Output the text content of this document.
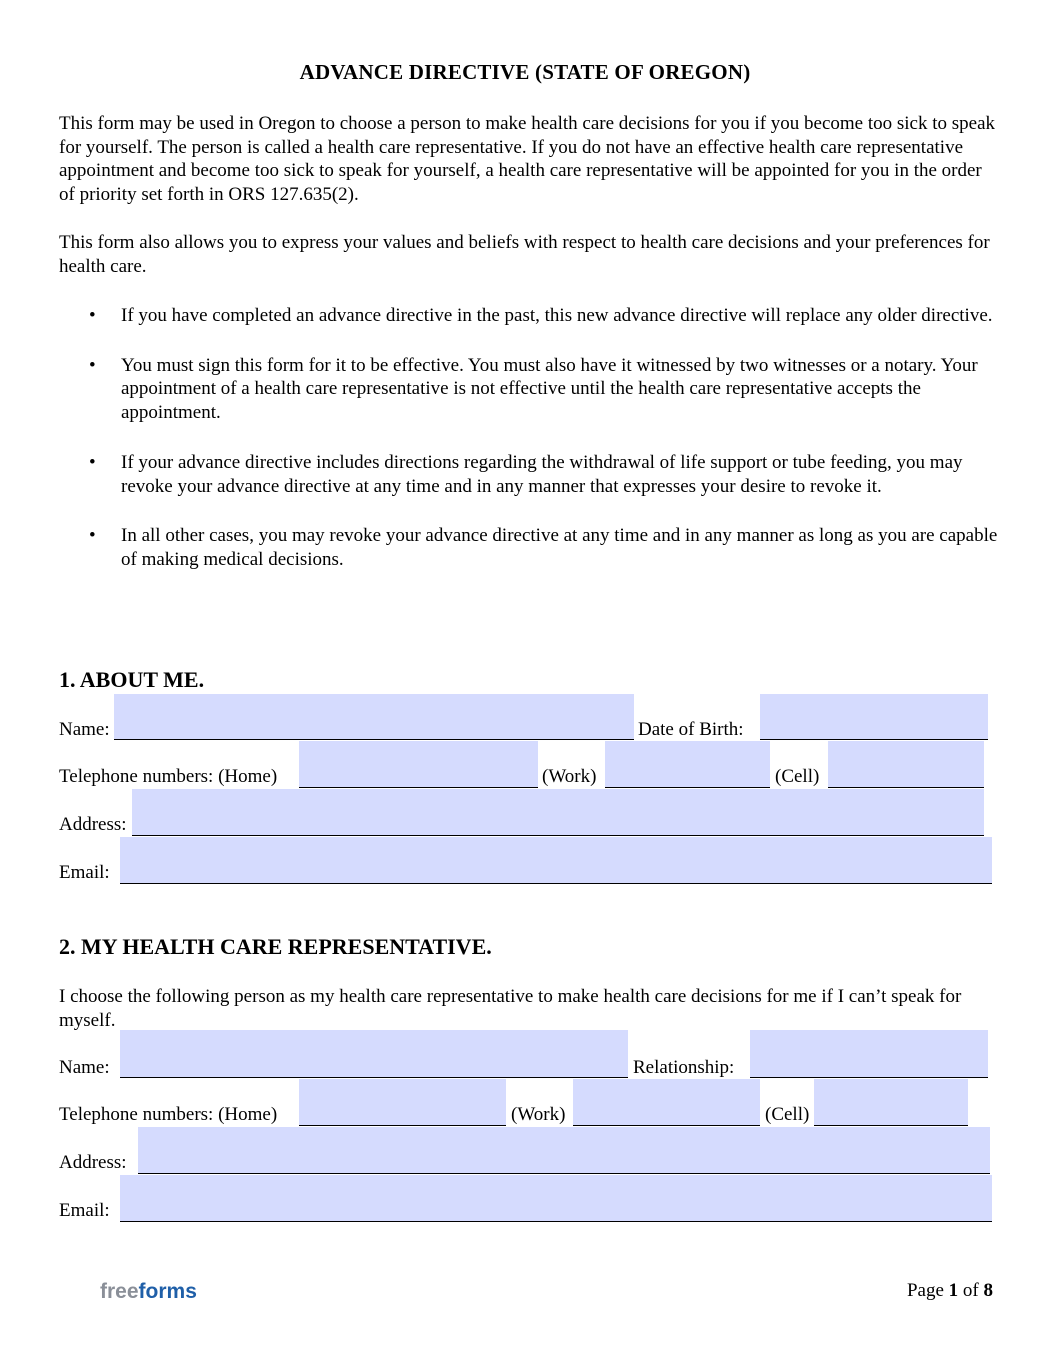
ADVANCE DIRECTIVE (STATE OF OREGON)
This form may be used in Oregon to choose a person to make health care decisions for you if you become too sick to speak for yourself. The person is called a health care representative. If you do not have an effective health care representative appointment and become too sick to speak for yourself, a health care representative will be appointed for you in the order of priority set forth in ORS 127.635(2).
This form also allows you to express your values and beliefs with respect to health care decisions and your preferences for health care.
• If you have completed an advance directive in the past, this new advance directive will replace any older directive.
• You must sign this form for it to be effective. You must also have it witnessed by two witnesses or a notary. Your appointment of a health care representative is not effective until the health care representative accepts the appointment.
• If your advance directive includes directions regarding the withdrawal of life support or tube feeding, you may revoke your advance directive at any time and in any manner that expresses your desire to revoke it.
• In all other cases, you may revoke your advance directive at any time and in any manner as long as you are capable of making medical decisions.
1. ABOUT ME.
Name:	Date of Birth:
Telephone numbers: (Home)	(Work)	(Cell)
Address:
Email:
2. MY HEALTH CARE REPRESENTATIVE.
I choose the following person as my health care representative to make health care decisions for me if I can’t speak for myself.
Name:	Relationship:
Telephone numbers: (Home)	(Work)	(Cell)
Address:
Email:
freeforms	Page 1 of 8
